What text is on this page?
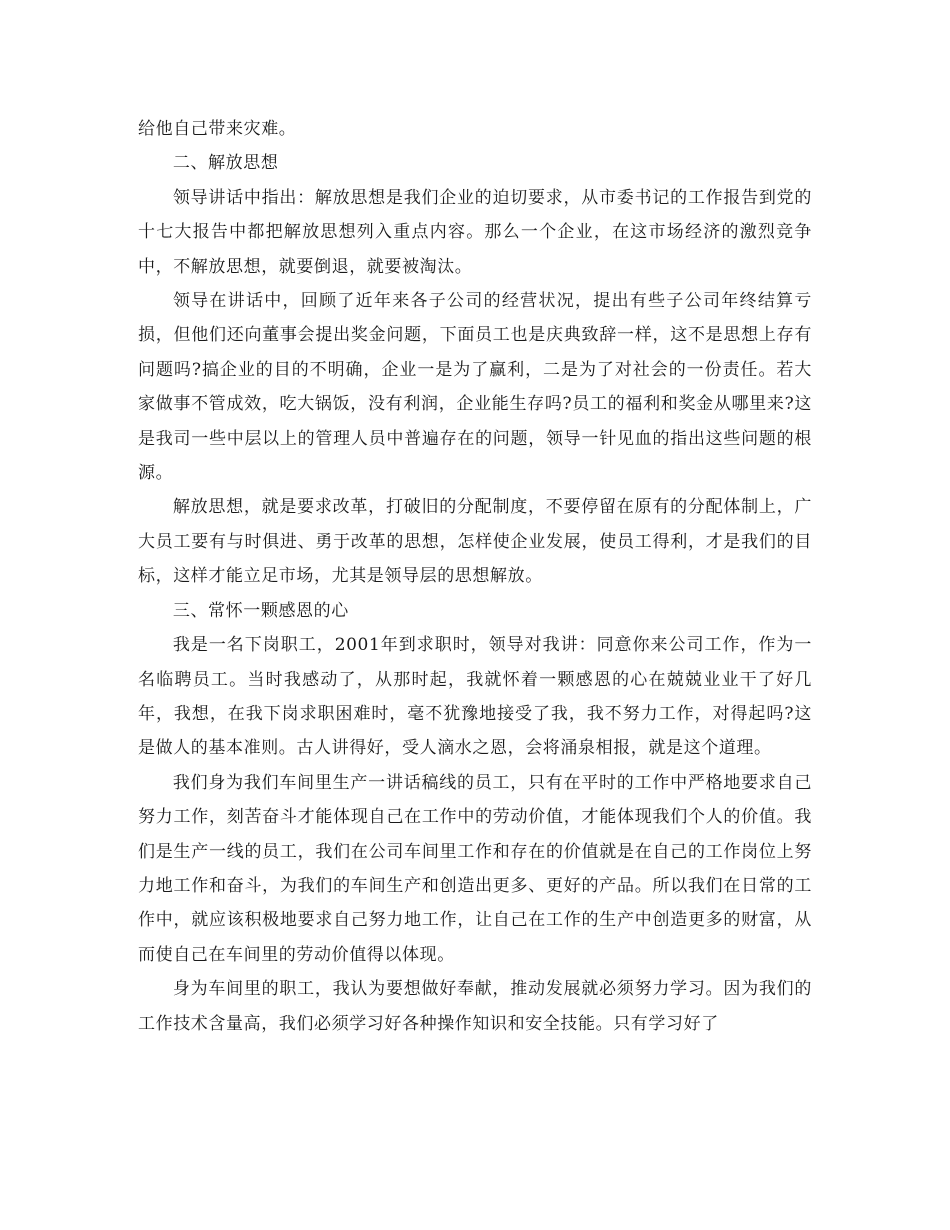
给他自己带来灾难。

二、解放思想

领导讲话中指出：解放思想是我们企业的迫切要求，从市委书记的工作报告到党的十七大报告中都把解放思想列入重点内容。那么一个企业，在这市场经济的激烈竞争中，不解放思想，就要倒退，就要被淘汰。

领导在讲话中，回顾了近年来各子公司的经营状况，提出有些子公司年终结算亏损，但他们还向董事会提出奖金问题，下面员工也是庆典致辞一样，这不是思想上存有问题吗?搞企业的目的不明确，企业一是为了赢利，二是为了对社会的一份责任。若大家做事不管成效，吃大锅饭，没有利润，企业能生存吗?员工的福利和奖金从哪里来?这是我司一些中层以上的管理人员中普遍存在的问题，领导一针见血的指出这些问题的根源。

解放思想，就是要求改革，打破旧的分配制度，不要停留在原有的分配体制上，广大员工要有与时俱进、勇于改革的思想，怎样使企业发展，使员工得利，才是我们的目标，这样才能立足市场，尤其是领导层的思想解放。

三、常怀一颗感恩的心

我是一名下岗职工，2001年到求职时，领导对我讲：同意你来公司工作，作为一名临聘员工。当时我感动了，从那时起，我就怀着一颗感恩的心在兢兢业业干了好几年，我想，在我下岗求职困难时，毫不犹豫地接受了我，我不努力工作，对得起吗?这是做人的基本准则。古人讲得好，受人滴水之恩，会将涌泉相报，就是这个道理。

我们身为我们车间里生产一讲话稿线的员工，只有在平时的工作中严格地要求自己努力工作，刻苦奋斗才能体现自己在工作中的劳动价值，才能体现我们个人的价值。我们是生产一线的员工，我们在公司车间里工作和存在的价值就是在自己的工作岗位上努力地工作和奋斗，为我们的车间生产和创造出更多、更好的产品。所以我们在日常的工作中，就应该积极地要求自己努力地工作，让自己在工作的生产中创造更多的财富，从而使自己在车间里的劳动价值得以体现。

身为车间里的职工，我认为要想做好奉献，推动发展就必须努力学习。因为我们的工作技术含量高，我们必须学习好各种操作知识和安全技能。只有学习好了
